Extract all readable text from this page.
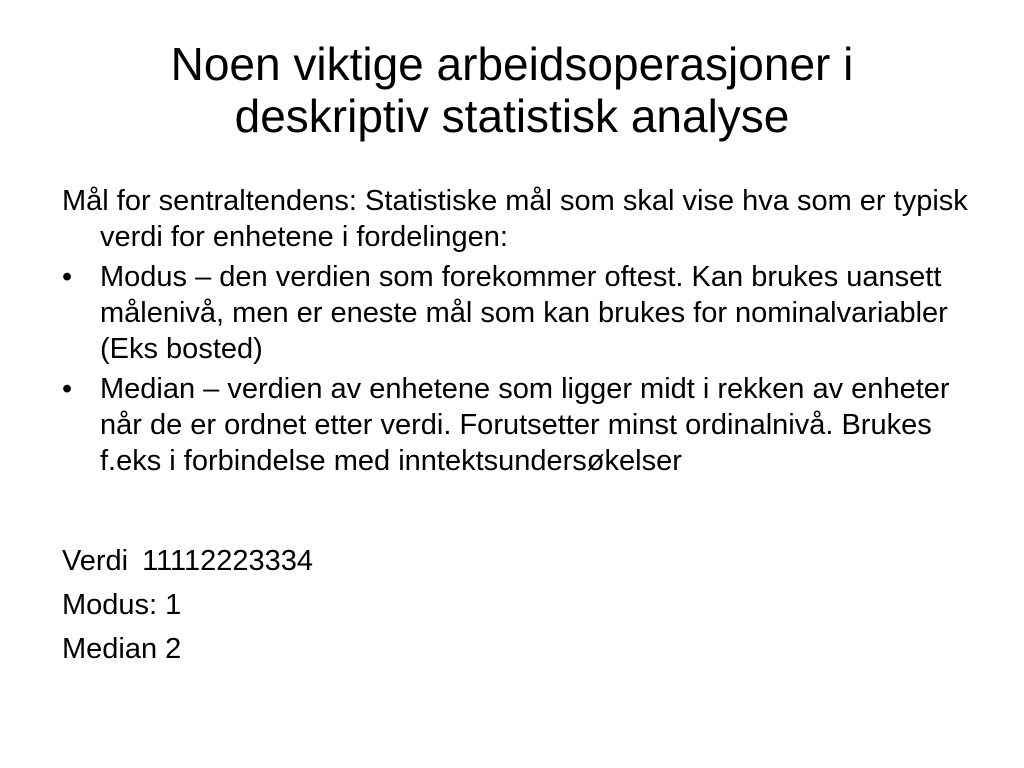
Noen viktige arbeidsoperasjoner i
deskriptiv statistisk analyse

Mål for sentraltendens: Statistiske mål som skal vise hva som er typisk verdi for enhetene i fordelingen:

• Modus – den verdien som forekommer oftest. Kan brukes uansett målenivå, men er eneste mål som kan brukes for nominalvariabler (Eks bosted)
• Median – verdien av enhetene som ligger midt i rekken av enheter når de er ordnet etter verdi. Forutsetter minst ordinalnivå. Brukes f.eks i forbindelse med inntektsundersøkelser

Verdi 11112223334

Modus: 1

Median 2
